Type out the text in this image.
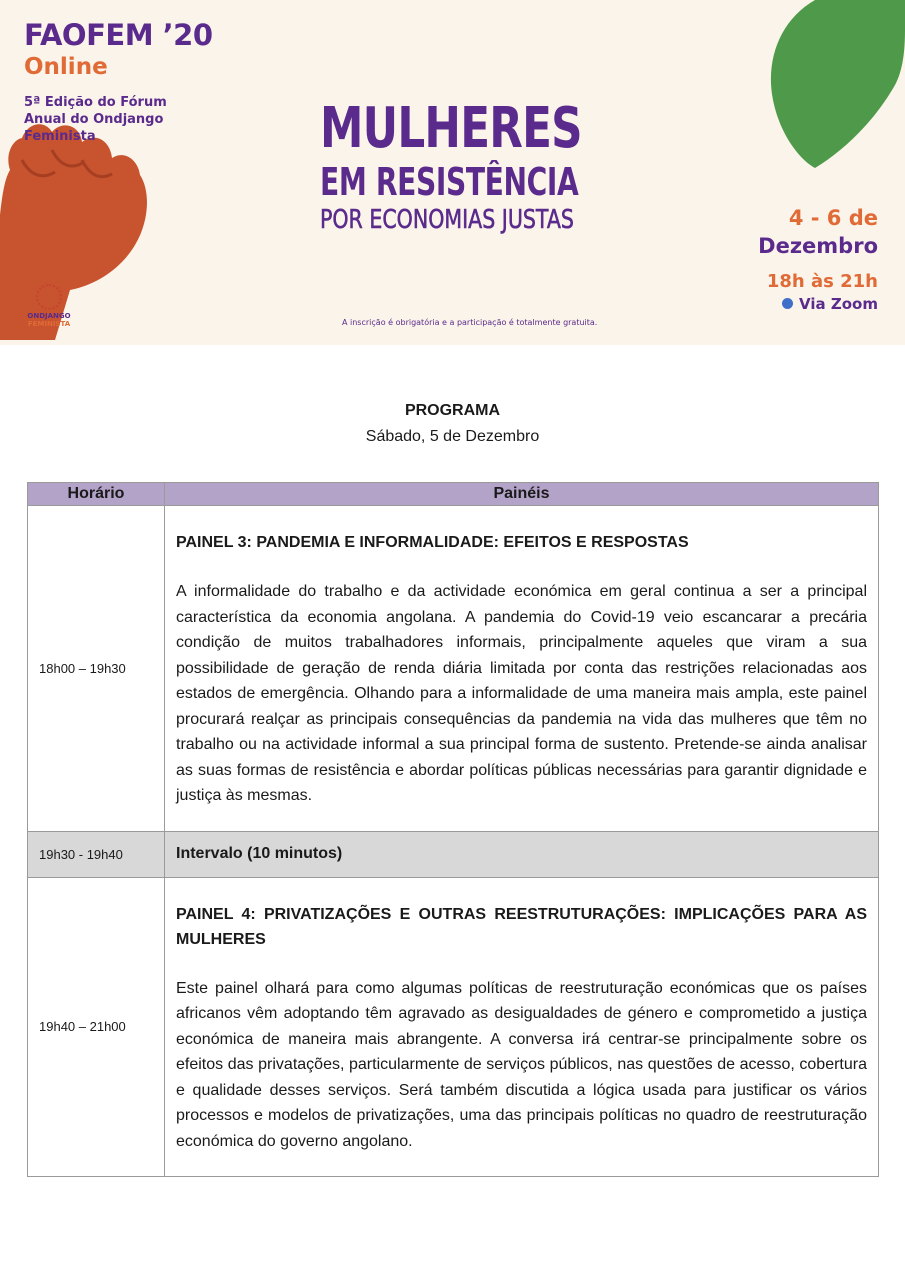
FAOFEM ’20
Online
5ª Edição do Fórum Anual do Ondjango Feminista	MULHERES
EM RESISTÊNCIA
POR ECONOMIAS JUSTAS	4 - 6 de
Dezembro
18h às 21h
Via Zoom
ONDJANGO
FEMINISTA	A inscrição é obrigatória e a participação é totalmente gratuita.
PROGRAMA
Sábado, 5 de Dezembro
Horário	Painéis
18h00 – 19h30	PAINEL 3: PANDEMIA E INFORMALIDADE: EFEITOS E RESPOSTAS

A informalidade do trabalho e da actividade económica em geral continua a ser a principal característica da economia angolana. A pandemia do Covid-19 veio escancarar a precária condição de muitos trabalhadores informais, principalmente aqueles que viram a sua possibilidade de geração de renda diária limitada por conta das restrições relacionadas aos estados de emergência. Olhando para a informalidade de uma maneira mais ampla, este painel procurará realçar as principais consequências da pandemia na vida das mulheres que têm no trabalho ou na actividade informal a sua principal forma de sustento. Pretende-se ainda analisar as suas formas de resistência e abordar políticas públicas necessárias para garantir dignidade e justiça às mesmas.

19h30 - 19h40	Intervalo (10 minutos)
19h40 – 21h00	PAINEL 4: PRIVATIZAÇÕES E OUTRAS REESTRUTURAÇÕES: IMPLICAÇÕES PARA AS MULHERES

Este painel olhará para como algumas políticas de reestruturação económicas que os países africanos vêm adoptando têm agravado as desigualdades de género e comprometido a justiça económica de maneira mais abrangente. A conversa irá centrar-se principalmente sobre os efeitos das privatações, particularmente de serviços públicos, nas questões de acesso, cobertura e qualidade desses serviços. Será também discutida a lógica usada para justificar os vários processos e modelos de privatizações, uma das principais políticas no quadro de reestruturação económica do governo angolano.
